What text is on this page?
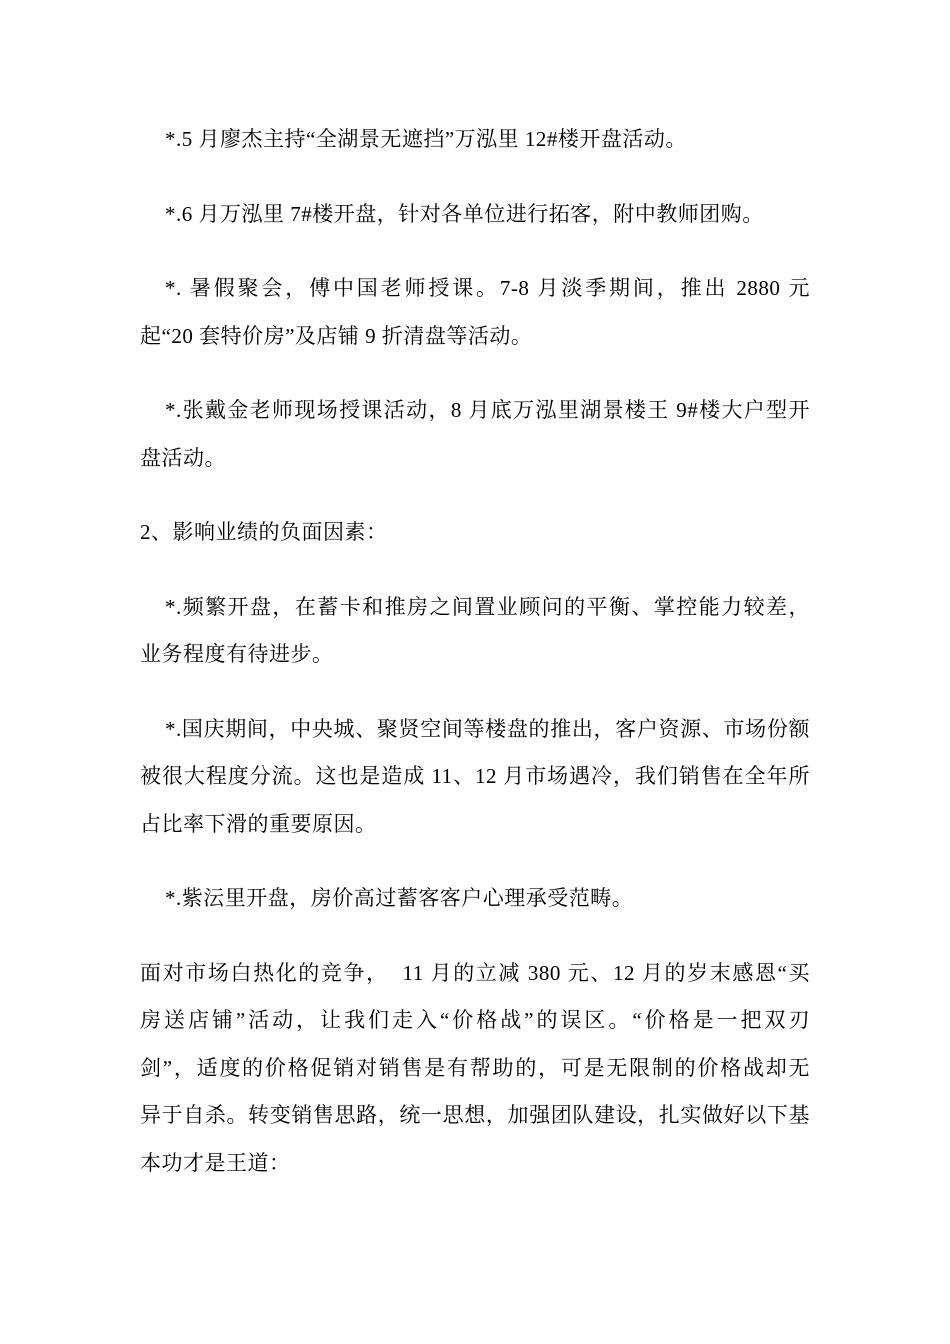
*.5 月廖杰主持“全湖景无遮挡”万泓里 12#楼开盘活动。
*.6 月万泓里 7#楼开盘，针对各单位进行拓客，附中教师团购。
*. 暑假聚会，傅中国老师授课。7-8 月淡季期间，推出 2880 元
起“20 套特价房”及店铺 9 折清盘等活动。
*.张戴金老师现场授课活动，8 月底万泓里湖景楼王 9#楼大户型开
盘活动。
2、影响业绩的负面因素：
*.频繁开盘，在蓄卡和推房之间置业顾问的平衡、掌控能力较差，
业务程度有待进步。
*.国庆期间，中央城、聚贤空间等楼盘的推出，客户资源、市场份额
被很大程度分流。这也是造成 11、12 月市场遇冷，我们销售在全年所
占比率下滑的重要原因。
*.紫沄里开盘，房价高过蓄客客户心理承受范畴。
面对市场白热化的竞争，  11 月的立减 380 元、12 月的岁末感恩“买
房送店铺”活动，让我们走入“价格战”的误区。“价格是一把双刃
剑”，适度的价格促销对销售是有帮助的，可是无限制的价格战却无
异于自杀。转变销售思路，统一思想，加强团队建设，扎实做好以下基
本功才是王道：
